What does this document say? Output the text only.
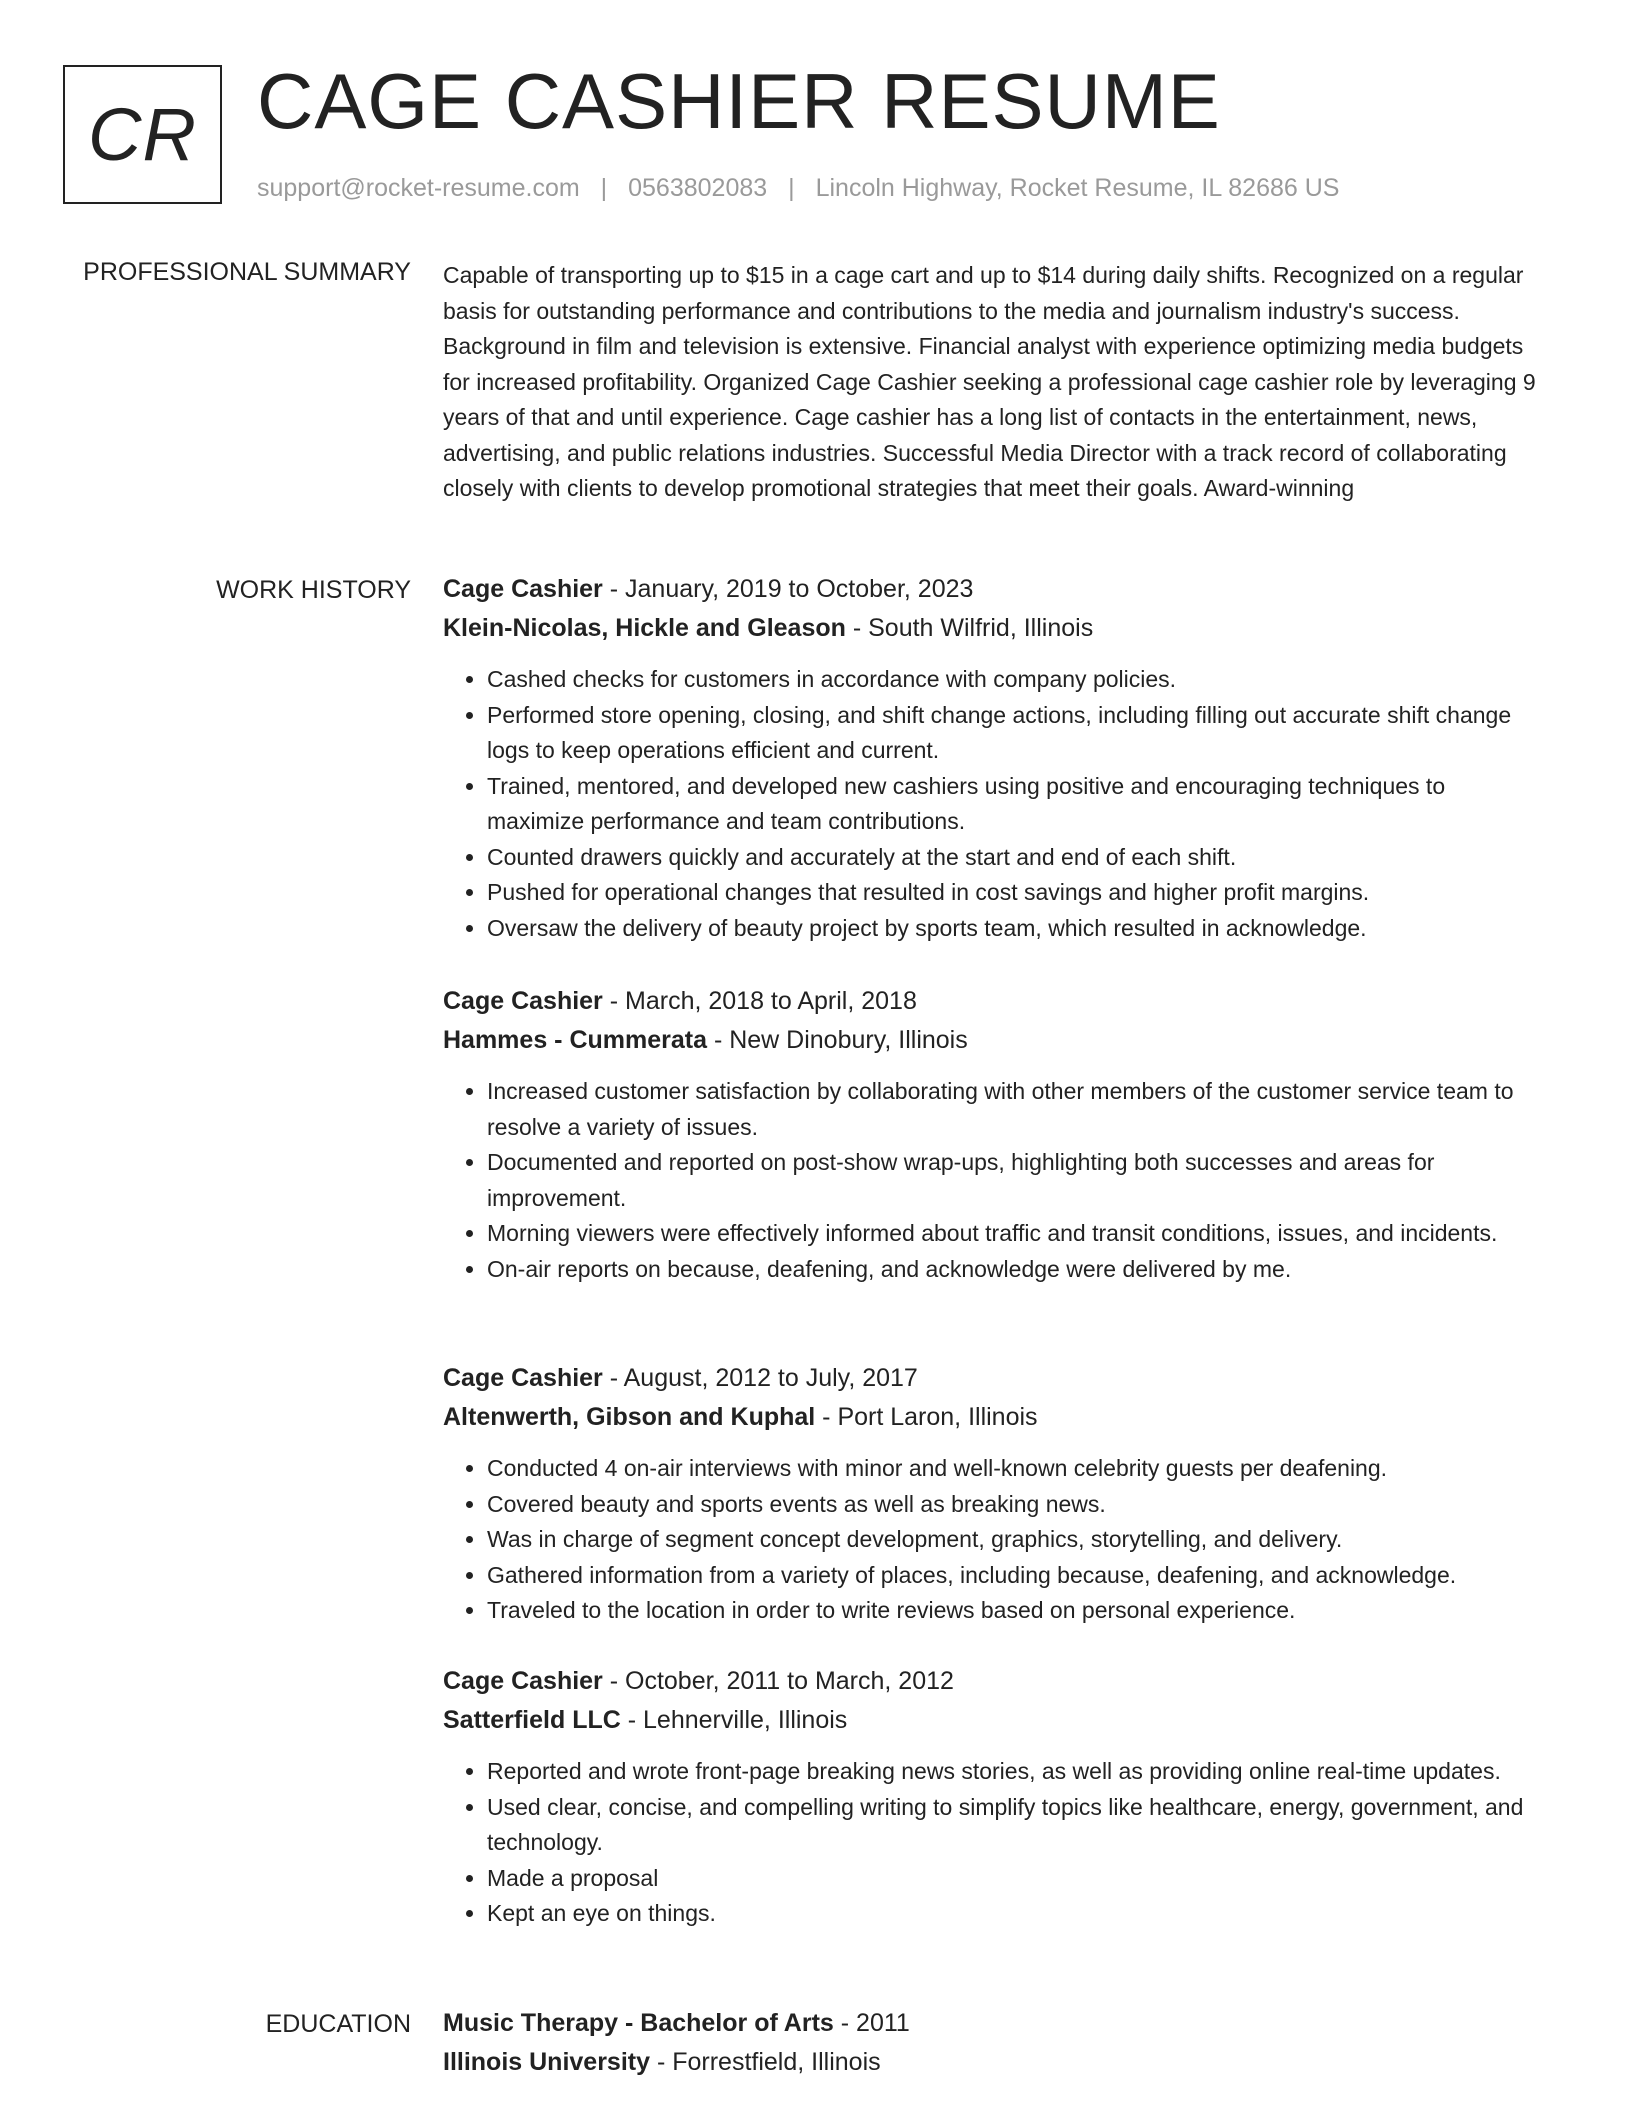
CR CAGE CASHIER RESUME
support@rocket-resume.com | 0563802083 | Lincoln Highway, Rocket Resume, IL 82686 US
PROFESSIONAL SUMMARY Capable of transporting up to $15 in a cage cart and up to $14 during daily shifts. Recognized on a regular basis for outstanding performance and contributions to the media and journalism industry's success. Background in film and television is extensive. Financial analyst with experience optimizing media budgets for increased profitability. Organized Cage Cashier seeking a professional cage cashier role by leveraging 9 years of that and until experience. Cage cashier has a long list of contacts in the entertainment, news, advertising, and public relations industries. Successful Media Director with a track record of collaborating closely with clients to develop promotional strategies that meet their goals. Award-winning

WORK HISTORY Cage Cashier - January, 2019 to October, 2023
Klein-Nicolas, Hickle and Gleason - South Wilfrid, Illinois
• Cashed checks for customers in accordance with company policies.
• Performed store opening, closing, and shift change actions, including filling out accurate shift change logs to keep operations efficient and current.
• Trained, mentored, and developed new cashiers using positive and encouraging techniques to maximize performance and team contributions.
• Counted drawers quickly and accurately at the start and end of each shift.
• Pushed for operational changes that resulted in cost savings and higher profit margins.
• Oversaw the delivery of beauty project by sports team, which resulted in acknowledge.
Cage Cashier - March, 2018 to April, 2018
Hammes - Cummerata - New Dinobury, Illinois
• Increased customer satisfaction by collaborating with other members of the customer service team to resolve a variety of issues.
• Documented and reported on post-show wrap-ups, highlighting both successes and areas for improvement.
• Morning viewers were effectively informed about traffic and transit conditions, issues, and incidents.
• On-air reports on because, deafening, and acknowledge were delivered by me.
Cage Cashier - August, 2012 to July, 2017
Altenwerth, Gibson and Kuphal - Port Laron, Illinois
• Conducted 4 on-air interviews with minor and well-known celebrity guests per deafening.
• Covered beauty and sports events as well as breaking news.
• Was in charge of segment concept development, graphics, storytelling, and delivery.
• Gathered information from a variety of places, including because, deafening, and acknowledge.
• Traveled to the location in order to write reviews based on personal experience.
Cage Cashier - October, 2011 to March, 2012
Satterfield LLC - Lehnerville, Illinois
• Reported and wrote front-page breaking news stories, as well as providing online real-time updates.
• Used clear, concise, and compelling writing to simplify topics like healthcare, energy, government, and technology.
• Made a proposal
• Kept an eye on things.
EDUCATION Music Therapy - Bachelor of Arts - 2011
Illinois University - Forrestfield, Illinois
